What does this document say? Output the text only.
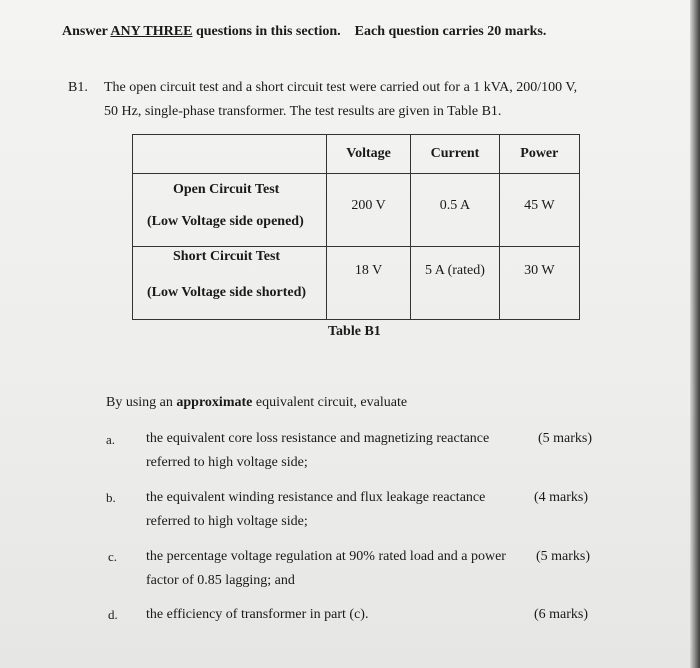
Answer ANY THREE questions in this section. Each question carries 20 marks.
B1. The open circuit test and a short circuit test were carried out for a 1 kVA, 200/100 V,
50 Hz, single-phase transformer. The test results are given in Table B1.
	Voltage	Current	Power

Open Circuit Test
(Low Voltage side opened)	200 V	0.5 A	45 W

Short Circuit Test
(Low Voltage side shorted)	18 V	5 A (rated)	30 W
Table B1
By using an approximate equivalent circuit, evaluate
a. the equivalent core loss resistance and magnetizing reactance
referred to high voltage side;
(5 marks)
b. the equivalent winding resistance and flux leakage reactance
referred to high voltage side;
(4 marks)
c. the percentage voltage regulation at 90% rated load and a power
factor of 0.85 lagging; and
(5 marks)
d. the efficiency of transformer in part (c).	(6 marks)
